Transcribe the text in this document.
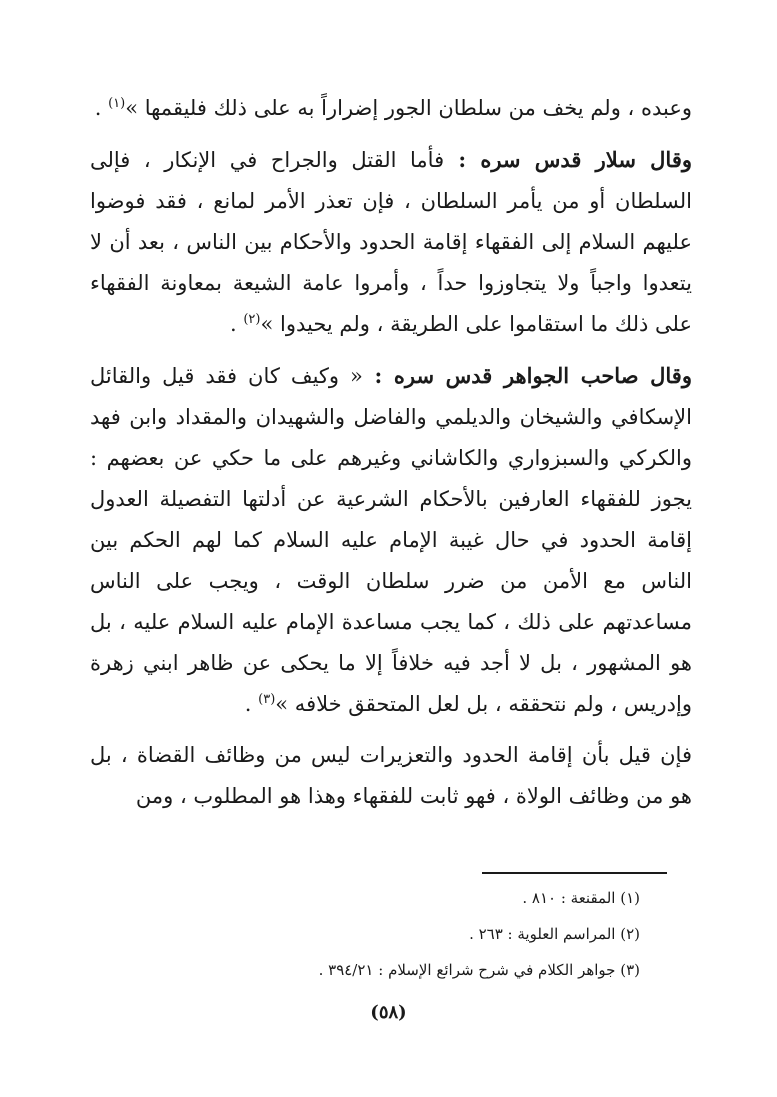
وعبده ، ولم يخف من سلطان الجور إضراراً به على ذلك فليقمها »$^{(١)}$ .

وقال سلار قدس سره : فأما القتل والجراح في الإنكار ، فإلى السلطان أو من يأمر السلطان ، فإن تعذر الأمر لمانع ، فقد فوضوا عليهم السلام إلى الفقهاء إقامة الحدود والأحكام بين الناس ، بعد أن لا يتعدوا واجباً ولا يتجاوزوا حداً ، وأمروا عامة الشيعة بمعاونة الفقهاء على ذلك ما استقاموا على الطريقة ، ولم يحيدوا »$^{(٢)}$ .

وقال صاحب الجواهر قدس سره : « وكيف كان فقد قيل والقائل الإسكافي والشيخان والديلمي والفاضل والشهيدان والمقداد وابن فهد والكركي والسبزواري والكاشاني وغيرهم على ما حكي عن بعضهم : يجوز للفقهاء العارفين بالأحكام الشرعية عن أدلتها التفصيلة العدول إقامة الحدود في حال غيبة الإمام عليه السلام كما لهم الحكم بين الناس مع الأمن من ضرر سلطان الوقت ، ويجب على الناس مساعدتهم على ذلك ، كما يجب مساعدة الإمام عليه السلام عليه ، بل هو المشهور ، بل لا أجد فيه خلافاً إلا ما يحكى عن ظاهر ابني زهرة وإدريس ، ولم نتحققه ، بل لعل المتحقق خلافه »$^{(٣)}$ .

فإن قيل بأن إقامة الحدود والتعزيرات ليس من وظائف القضاة ، بل هو من وظائف الولاة ، فهو ثابت للفقهاء وهذا هو المطلوب ، ومن

(١) المقنعة : ٨١٠ .
(٢) المراسم العلوية : ٢٦٣ .
(٣) جواهر الكلام في شرح شرائع الإسلام : ٣٩٤/٢١ .
(٥٨)
